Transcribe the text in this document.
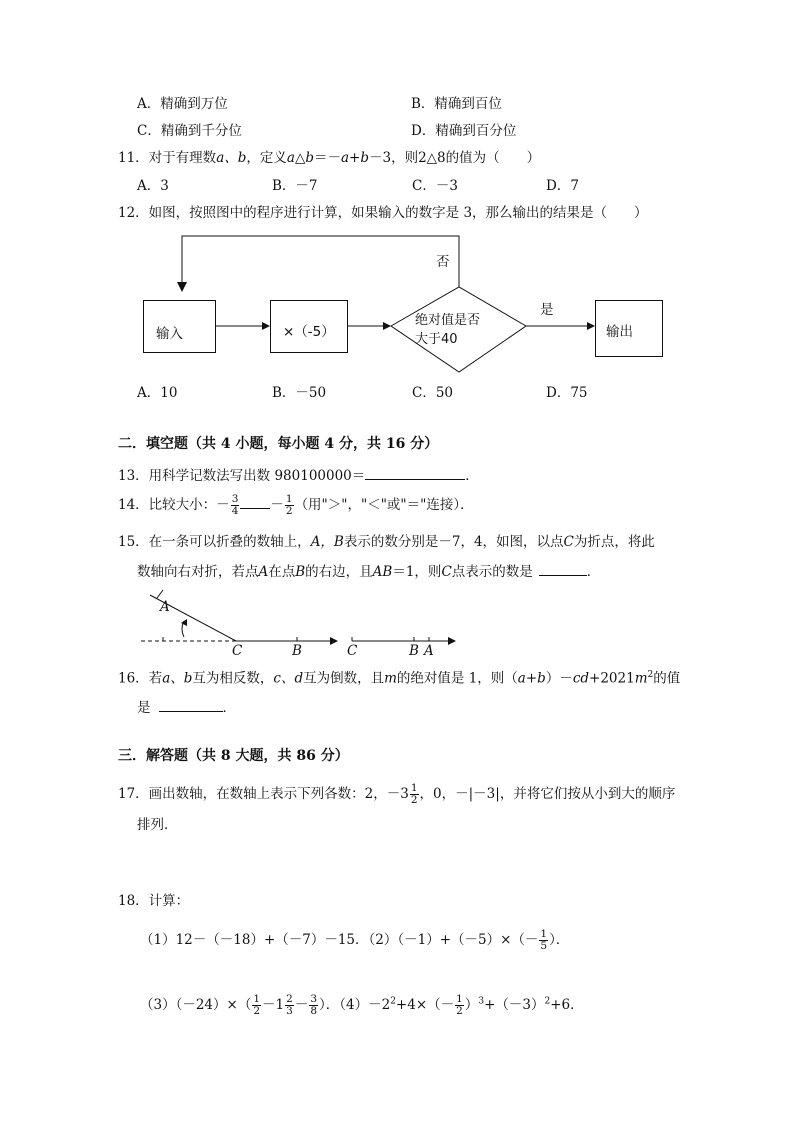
A．精确到万位	B．精确到百位
C．精确到千分位	D．精确到百分位
11．对于有理数a、b，定义a△b＝－a+b－3，则2△8的值为（　　）
A．3	B．－7	C．－3	D．7
12．如图，按照图中的程序进行计算，如果输入的数字是 3，那么输出的结果是（　　）
输入	×（-5）
绝对值是否
大于40
是
否
输出
A．10	B．－50	C．50	D．75
二．填空题（共 4 小题，每小题 4 分，共 16 分）
13．用科学记数法写出数 980100000＝	．
14．比较大小：－ $\frac{3}{4} - \frac{1}{2}$ （用"＞"，"＜"或"＝"连接）．
15．在一条可以折叠的数轴上，A，B表示的数分别是－7，4，如图，以点C为折点，将此
数轴向右对折，若点A在点B的右边，且AB＝1，则C点表示的数是	．
A
C	B	C	B A
16．若a、b互为相反数，c、d互为倒数，且m的绝对值是 1，则$(a+b)-cd+2021m^2$的值
是	．
三．解答题（共 8 大题，共 86 分）
17．画出数轴，在数轴上表示下列各数：2，$-3 \frac{1}{2}$ ，0，－|－3|，并将它们按从小到大的顺序
排列．
18．计算：
（1）12－（－18）+（－7）－15．$(2)(-1)+(-5)\times(- \frac{1}{5}$ ）．
$(3)(-24)\times( \frac{1}{2} -1 \frac{2}{3} - \frac{3}{8}$ ）．$(4)-2^2+4\times(- \frac{1}{2} )^3+(-3)^2+6$．
